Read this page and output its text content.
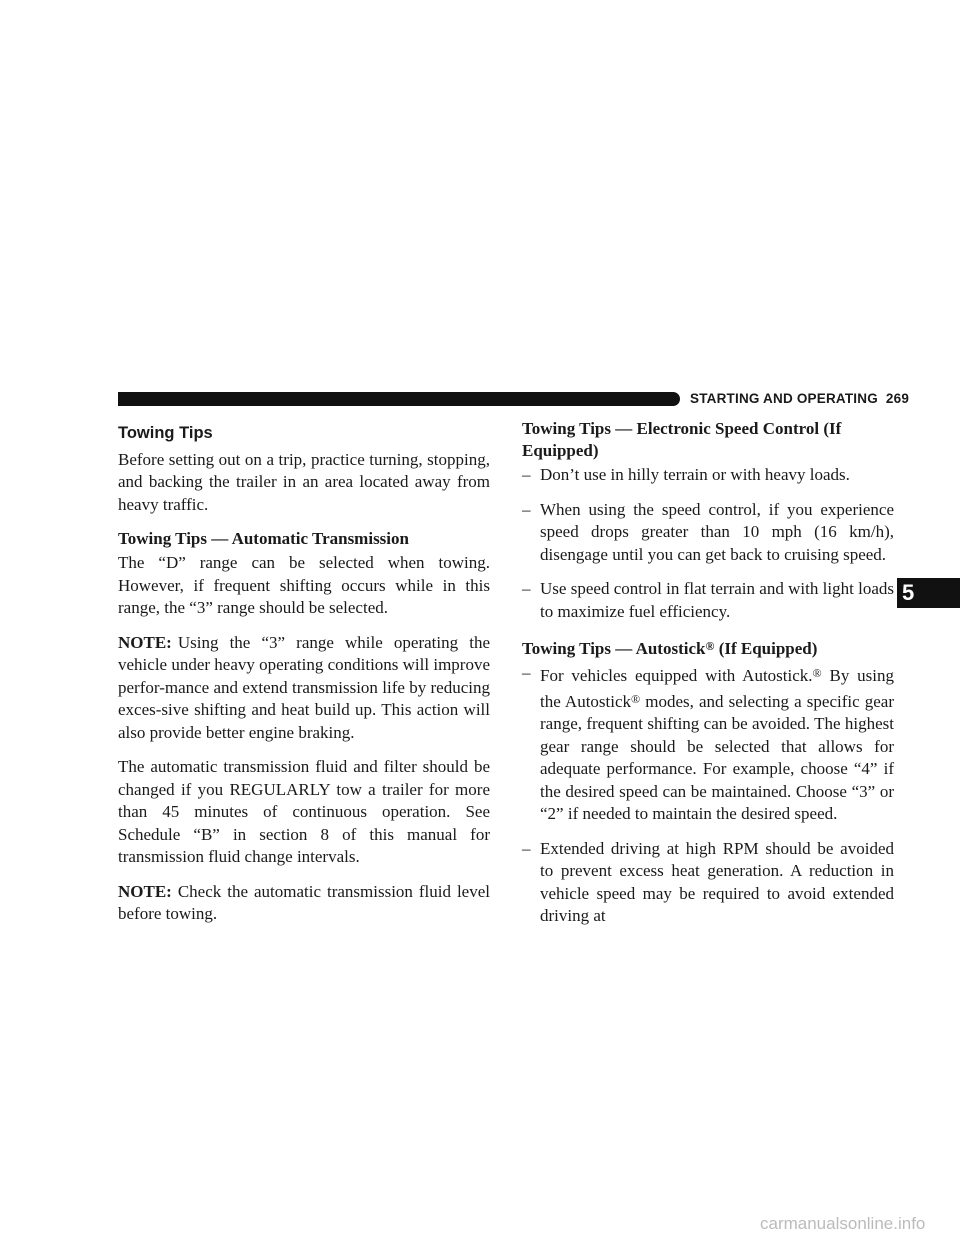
STARTING AND OPERATING 269
5
Towing Tips

Before setting out on a trip, practice turning, stopping, and backing the trailer in an area located away from heavy traffic.

Towing Tips — Automatic Transmission

The “D” range can be selected when towing. However, if frequent shifting occurs while in this range, the “3” range should be selected.

NOTE: Using the “3” range while operating the vehicle under heavy operating conditions will improve perfor-mance and extend transmission life by reducing exces-sive shifting and heat build up. This action will also provide better engine braking.

The automatic transmission fluid and filter should be changed if you REGULARLY tow a trailer for more than 45 minutes of continuous operation. See Schedule “B” in section 8 of this manual for transmission fluid change intervals.

NOTE: Check the automatic transmission fluid level before towing.

Towing Tips — Electronic Speed Control (If Equipped)
– Don’t use in hilly terrain or with heavy loads.
– When using the speed control, if you experience speed drops greater than 10 mph (16 km/h), disengage until you can get back to cruising speed.
– Use speed control in flat terrain and with light loads to maximize fuel efficiency.
Towing Tips — Autostick® (If Equipped)
– For vehicles equipped with Autostick.® By using the Autostick® modes, and selecting a specific gear range, frequent shifting can be avoided. The highest gear range should be selected that allows for adequate performance. For example, choose “4” if the desired speed can be maintained. Choose “3” or “2” if needed to maintain the desired speed.
– Extended driving at high RPM should be avoided to prevent excess heat generation. A reduction in vehicle speed may be required to avoid extended driving at
carmanualsonline.info
